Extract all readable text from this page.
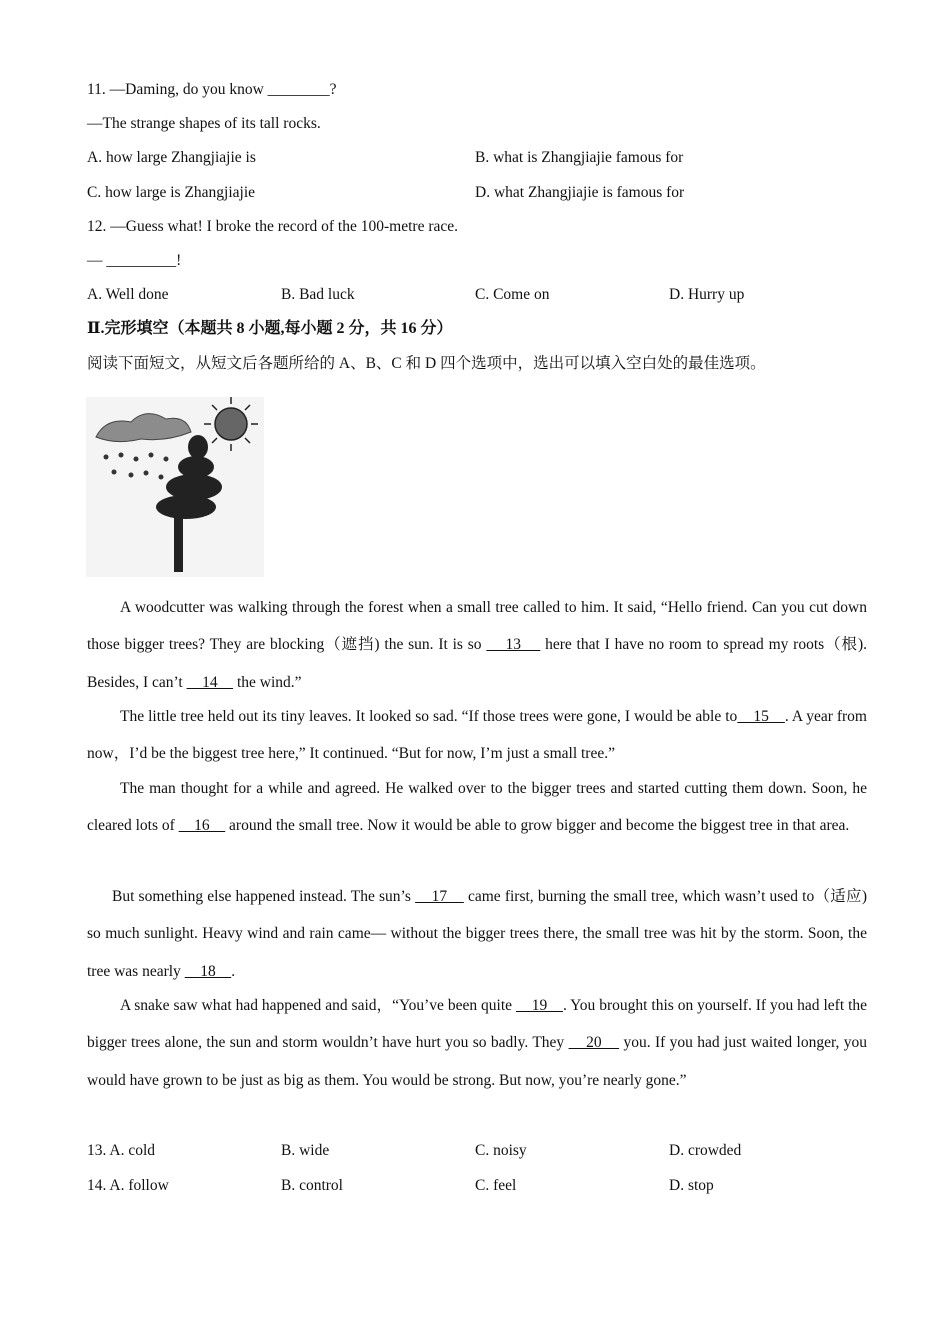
11. —Daming, do you know ________?
—The strange shapes of its tall rocks.
A. how large Zhangjiajie is	B. what is Zhangjiajie famous for
C. how large is Zhangjiajie	D. what Zhangjiajie is famous for
12. —Guess what! I broke the record of the 100-metre race.
— _________!
A. Well done	B. Bad luck	C. Come on	D. Hurry up
Ⅱ.完形填空（本题共 8 小题,每小题 2 分，共 16 分）
阅读下面短文，从短文后各题所给的 A、B、C 和 D 四个选项中，选出可以填入空白处的最佳选项。

A woodcutter was walking through the forest when a small tree called to him. It said, “Hello friend. Can you cut down those bigger trees? They are blocking（遮挡) the sun. It is so     13     here that I have no room to spread my roots（根). Besides, I can’t     14     the wind.”

The little tree held out its tiny leaves. It looked so sad. “If those trees were gone, I would be able to    15    . A year from now，I’d be the biggest tree here,” It continued. “But for now, I’m just a small tree.”

The man thought for a while and agreed. He walked over to the bigger trees and started cutting them down. Soon, he cleared lots of     16     around the small tree. Now it would be able to grow bigger and become the biggest tree in that area.

But something else happened instead. The sun’s     17     came first, burning the small tree, which wasn’t used to（适应) so much sunlight. Heavy wind and rain came— without the bigger trees there, the small tree was hit by the storm. Soon, the tree was nearly     18    .

A snake saw what had happened and said，“You’ve been quite     19    . You brought this on yourself. If you had left the bigger trees alone, the sun and storm wouldn’t have hurt you so badly. They     20     you. If you had just waited longer, you would have grown to be just as big as them. You would be strong. But now, you’re nearly gone.”

13. A. cold	B. wide	C. noisy	D. crowded
14. A. follow	B. control	C. feel	D. stop
